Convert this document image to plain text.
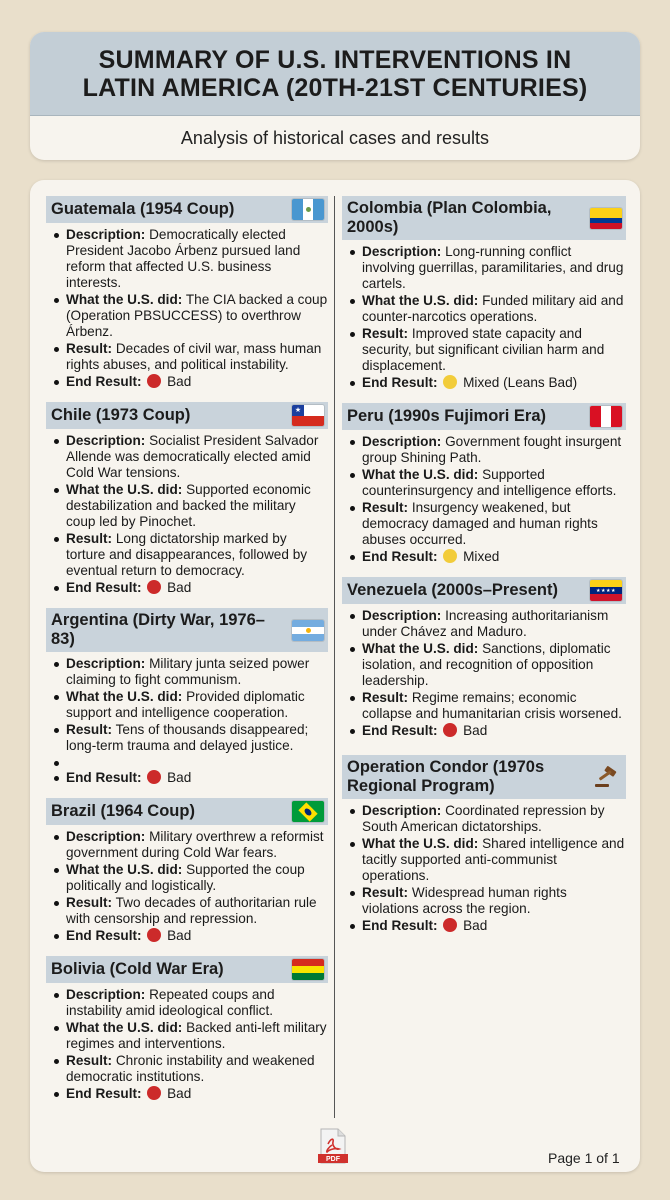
SUMMARY OF U.S. INTERVENTIONS IN
LATIN AMERICA (20TH-21ST CENTURIES)
Analysis of historical cases and results
Guatemala (1954 Coup)
Description: Democratically elected President Jacobo Árbenz pursued land reform that affected U.S. business interests.
What the U.S. did: The CIA backed a coup (Operation PBSUCCESS) to overthrow Árbenz.
Result: Decades of civil war, mass human rights abuses, and political instability.
End Result: Bad
Chile (1973 Coup)	★
Description: Socialist President Salvador Allende was democratically elected amid Cold War tensions.
What the U.S. did: Supported economic destabilization and backed the military coup led by Pinochet.
Result: Long dictatorship marked by torture and disappearances, followed by eventual return to democracy.
End Result: Bad
Argentina (Dirty War, 1976–83)
Description: Military junta seized power claiming to fight communism.
What the U.S. did: Provided diplomatic support and intelligence cooperation.
Result: Tens of thousands disappeared; long-term trauma and delayed justice.
End Result: Bad
Brazil (1964 Coup)
Description: Military overthrew a reformist government during Cold War fears.
What the U.S. did: Supported the coup politically and logistically.
Result: Two decades of authoritarian rule with censorship and repression.
End Result: Bad
Bolivia (Cold War Era)
Description: Repeated coups and instability amid ideological conflict.
What the U.S. did: Backed anti-left military regimes and interventions.
Result: Chronic instability and weakened democratic institutions.
End Result: Bad
Colombia (Plan Colombia, 2000s)
Description: Long-running conflict involving guerrillas, paramilitaries, and drug cartels.
What the U.S. did: Funded military aid and counter-narcotics operations.
Result: Improved state capacity and security, but significant civilian harm and displacement.
End Result: Mixed (Leans Bad)
Peru (1990s Fujimori Era)
Description: Government fought insurgent group Shining Path.
What the U.S. did: Supported counterinsurgency and intelligence efforts.
Result: Insurgency weakened, but democracy damaged and human rights abuses occurred.
End Result: Mixed
Venezuela (2000s–Present)	★★★★
Description: Increasing authoritarianism under Chávez and Maduro.
What the U.S. did: Sanctions, diplomatic isolation, and recognition of opposition leadership.
Result: Regime remains; economic collapse and humanitarian crisis worsened.
End Result: Bad
Operation Condor (1970s Regional Program)
Description: Coordinated repression by South American dictatorships.
What the U.S. did: Shared intelligence and tacitly supported anti-communist operations.
Result: Widespread human rights violations across the region.
End Result: Bad
PDF	Page 1 of 1
